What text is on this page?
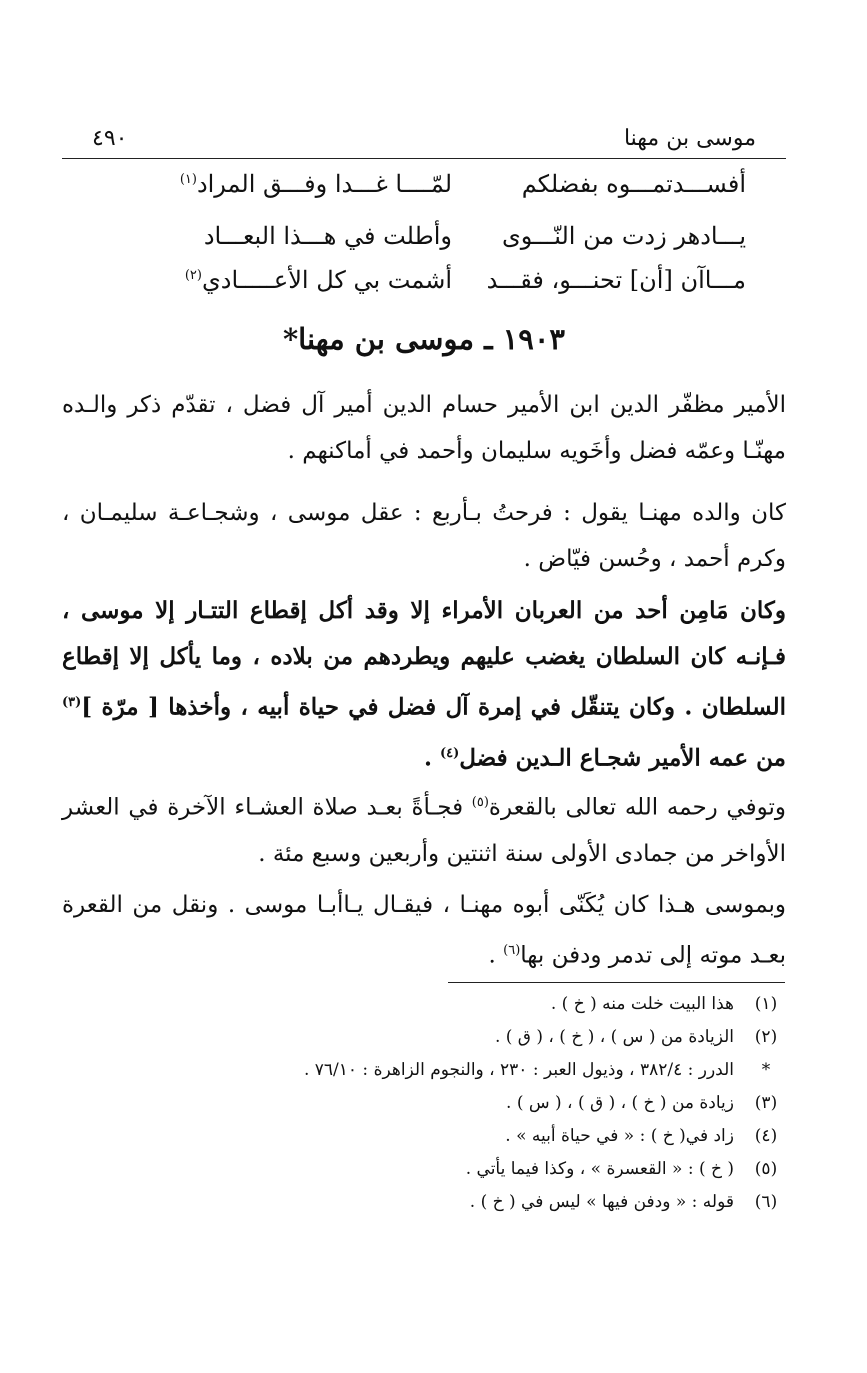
موسى بن مهنا
٤٩٠
أفســـدتمـــوه بفضلكم
لمّــــا غـــدا وفـــق المراد$^{(١)}$
يـــادهر زدت من النّـــوى
وأطلت في هـــذا البعـــاد
مـــاآن [أن] تحنـــو، فقـــد
أشمت بي كل الأعـــــادي$^{(٢)}$
١٩٠٣ ـ موسى بن مهنا*

الأمير مظفّر الدين ابن الأمير حسام الدين أمير آل فضل ، تقدّم ذكر والـده مهنّـا وعمّه فضل وأخَويه سليمان وأحمد في أماكنهم .

كان والده مهنـا يقول : فرحتُ بـأربع : عقل موسى ، وشجـاعـة سليمـان ، وكرم أحمد ، وحُسن فيّاض .

وكان مَامِن أحد من العربان الأمراء إلا وقد أكل إقطاع التتـار إلا موسى ، فـإنـه كان السلطان يغضب عليهم ويطردهم من بلاده ، وما يأكل إلا إقطاع السلطان . وكان يتنقّل في إمرة آل فضل في حياة أبيه ، وأخذها [ مرّة ]$^{(٣)}$ من عمه الأمير شجـاع الـدين فضل$^{(٤)}$ .

وتوفي رحمه الله تعالى بالقعرة$^{(٥)}$ فجـأةً بعـد صلاة العشـاء الآخرة في العشر الأواخر من جمادى الأولى سنة اثنتين وأربعين وسبع مئة .

وبموسى هـذا كان يُكَنّى أبوه مهنـا ، فيقـال يـاأبـا موسى . ونقل من القعرة بعـد موته إلى تدمر ودفن بها$^{(٦)}$ .

(١)هذا البيت خلت منه ( خ ) .
(٢)الزيادة من ( س ) ، ( خ ) ، ( ق ) .
*الدرر : ٣٨٢/٤ ، وذيول العبر : ٢٣٠ ، والنجوم الزاهرة : ٧٦/١٠ .
(٣)زيادة من ( خ ) ، ( ق ) ، ( س ) .
(٤)زاد في( خ ) : « في حياة أبيه » .
(٥)( خ ) : « القعسرة » ، وكذا فيما يأتي .
(٦)قوله : « ودفن فيها » ليس في ( خ ) .
